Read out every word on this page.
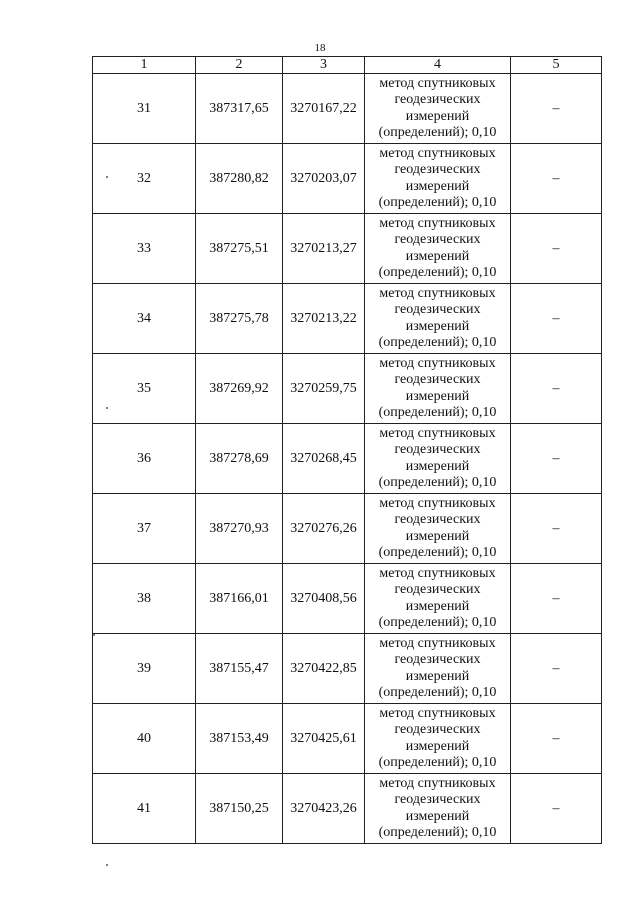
18
1	2	3	4	5
31	387317,65	3270167,22	метод спутниковых
геодезических
измерений
(определений); 0,10	–
32	387280,82	3270203,07	метод спутниковых
геодезических
измерений
(определений); 0,10	–
33	387275,51	3270213,27	метод спутниковых
геодезических
измерений
(определений); 0,10	–
34	387275,78	3270213,22	метод спутниковых
геодезических
измерений
(определений); 0,10	–
35	387269,92	3270259,75	метод спутниковых
геодезических
измерений
(определений); 0,10	–
36	387278,69	3270268,45	метод спутниковых
геодезических
измерений
(определений); 0,10	–
37	387270,93	3270276,26	метод спутниковых
геодезических
измерений
(определений); 0,10	–
38	387166,01	3270408,56	метод спутниковых
геодезических
измерений
(определений); 0,10	–
39	387155,47	3270422,85	метод спутниковых
геодезических
измерений
(определений); 0,10	–
40	387153,49	3270425,61	метод спутниковых
геодезических
измерений
(определений); 0,10	–
41	387150,25	3270423,26	метод спутниковых
геодезических
измерений
(определений); 0,10	–
